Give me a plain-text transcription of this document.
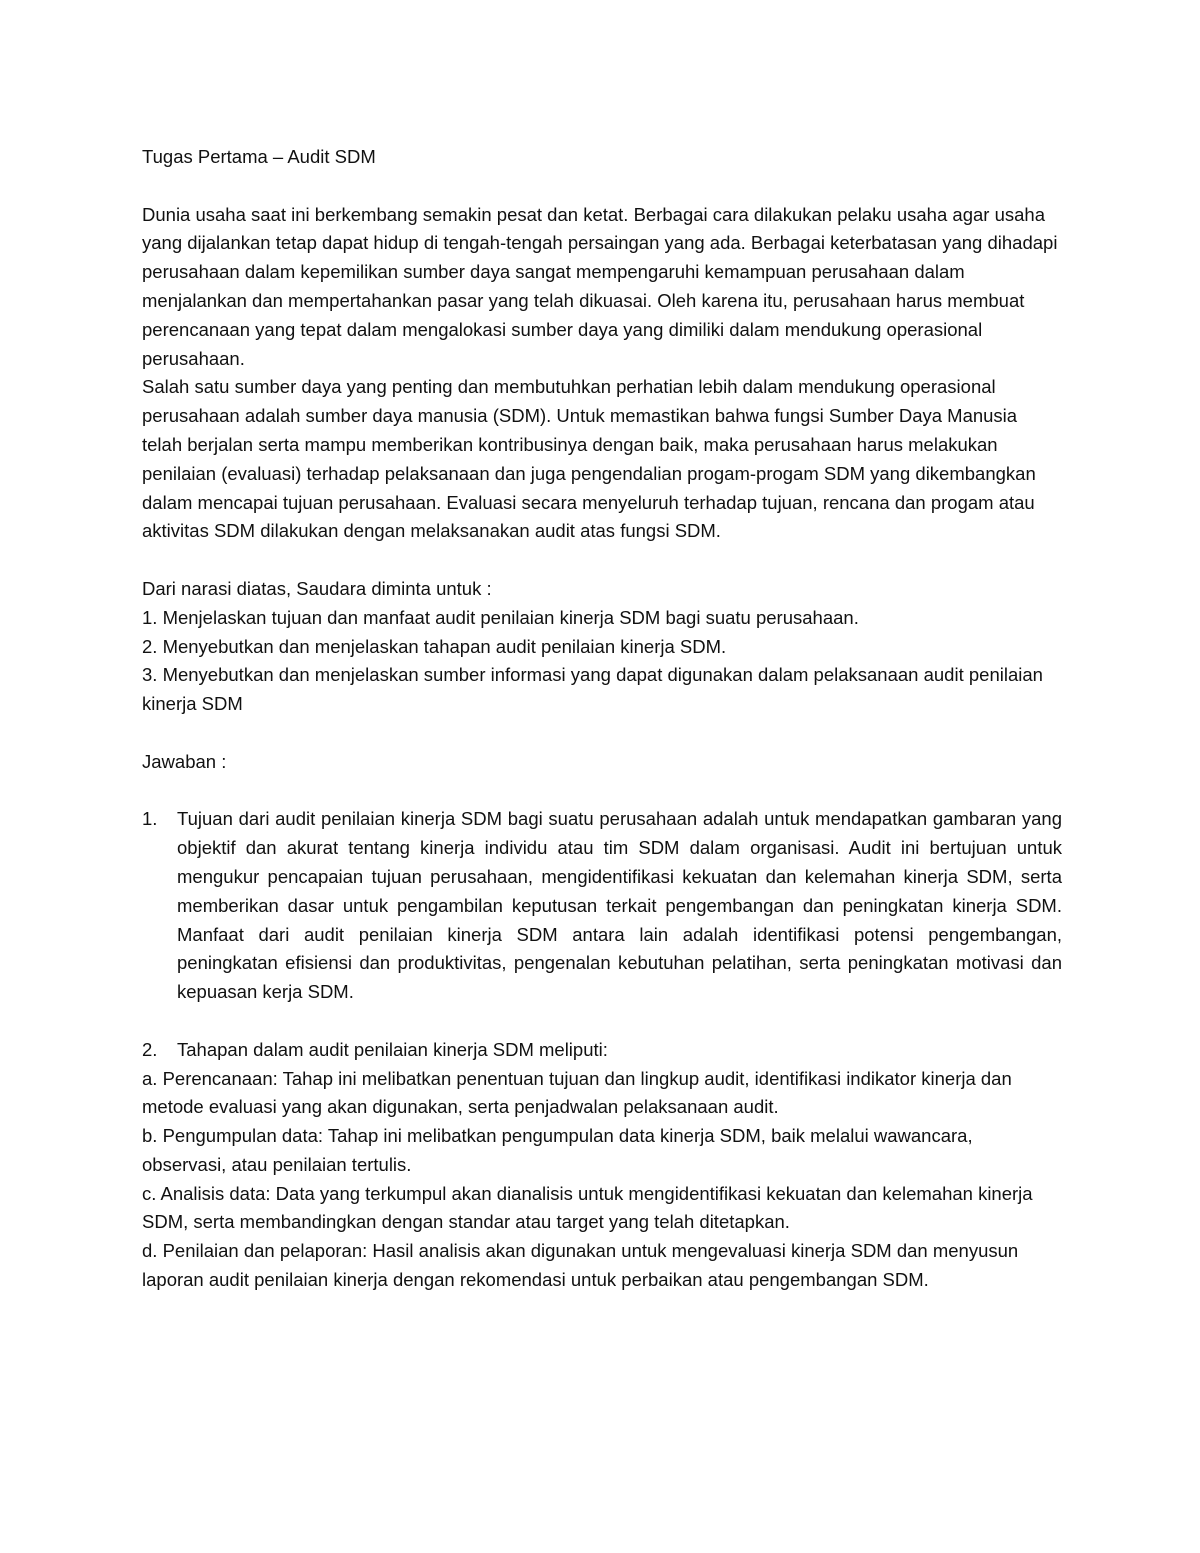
Tugas Pertama – Audit SDM

Dunia usaha saat ini berkembang semakin pesat dan ketat. Berbagai cara dilakukan pelaku usaha agar usaha yang dijalankan tetap dapat hidup di tengah-tengah persaingan yang ada. Berbagai keterbatasan yang dihadapi perusahaan dalam kepemilikan sumber daya sangat mempengaruhi kemampuan perusahaan dalam menjalankan dan mempertahankan pasar yang telah dikuasai. Oleh karena itu, perusahaan harus membuat perencanaan yang tepat dalam mengalokasi sumber daya yang dimiliki dalam mendukung operasional perusahaan.

Salah satu sumber daya yang penting dan membutuhkan perhatian lebih dalam mendukung operasional perusahaan adalah sumber daya manusia (SDM). Untuk memastikan bahwa fungsi Sumber Daya Manusia telah berjalan serta mampu memberikan kontribusinya dengan baik, maka perusahaan harus melakukan penilaian (evaluasi) terhadap pelaksanaan dan juga pengendalian progam-progam SDM yang dikembangkan dalam mencapai tujuan perusahaan. Evaluasi secara menyeluruh terhadap tujuan, rencana dan progam atau aktivitas SDM dilakukan dengan melaksanakan audit atas fungsi SDM.

Dari narasi diatas, Saudara diminta untuk :

1. Menjelaskan tujuan dan manfaat audit penilaian kinerja SDM bagi suatu perusahaan.

2. Menyebutkan dan menjelaskan tahapan audit penilaian kinerja SDM.

3. Menyebutkan dan menjelaskan sumber informasi yang dapat digunakan dalam pelaksanaan audit penilaian kinerja SDM

Jawaban :

1. Tujuan dari audit penilaian kinerja SDM bagi suatu perusahaan adalah untuk mendapatkan gambaran yang objektif dan akurat tentang kinerja individu atau tim SDM dalam organisasi. Audit ini bertujuan untuk mengukur pencapaian tujuan perusahaan, mengidentifikasi kekuatan dan kelemahan kinerja SDM, serta memberikan dasar untuk pengambilan keputusan terkait pengembangan dan peningkatan kinerja SDM. Manfaat dari audit penilaian kinerja SDM antara lain adalah identifikasi potensi pengembangan, peningkatan efisiensi dan produktivitas, pengenalan kebutuhan pelatihan, serta peningkatan motivasi dan kepuasan kerja SDM.

2. Tahapan dalam audit penilaian kinerja SDM meliputi:

a. Perencanaan: Tahap ini melibatkan penentuan tujuan dan lingkup audit, identifikasi indikator kinerja dan metode evaluasi yang akan digunakan, serta penjadwalan pelaksanaan audit.

b. Pengumpulan data: Tahap ini melibatkan pengumpulan data kinerja SDM, baik melalui wawancara, observasi, atau penilaian tertulis.

c. Analisis data: Data yang terkumpul akan dianalisis untuk mengidentifikasi kekuatan dan kelemahan kinerja SDM, serta membandingkan dengan standar atau target yang telah ditetapkan.

d. Penilaian dan pelaporan: Hasil analisis akan digunakan untuk mengevaluasi kinerja SDM dan menyusun laporan audit penilaian kinerja dengan rekomendasi untuk perbaikan atau pengembangan SDM.
